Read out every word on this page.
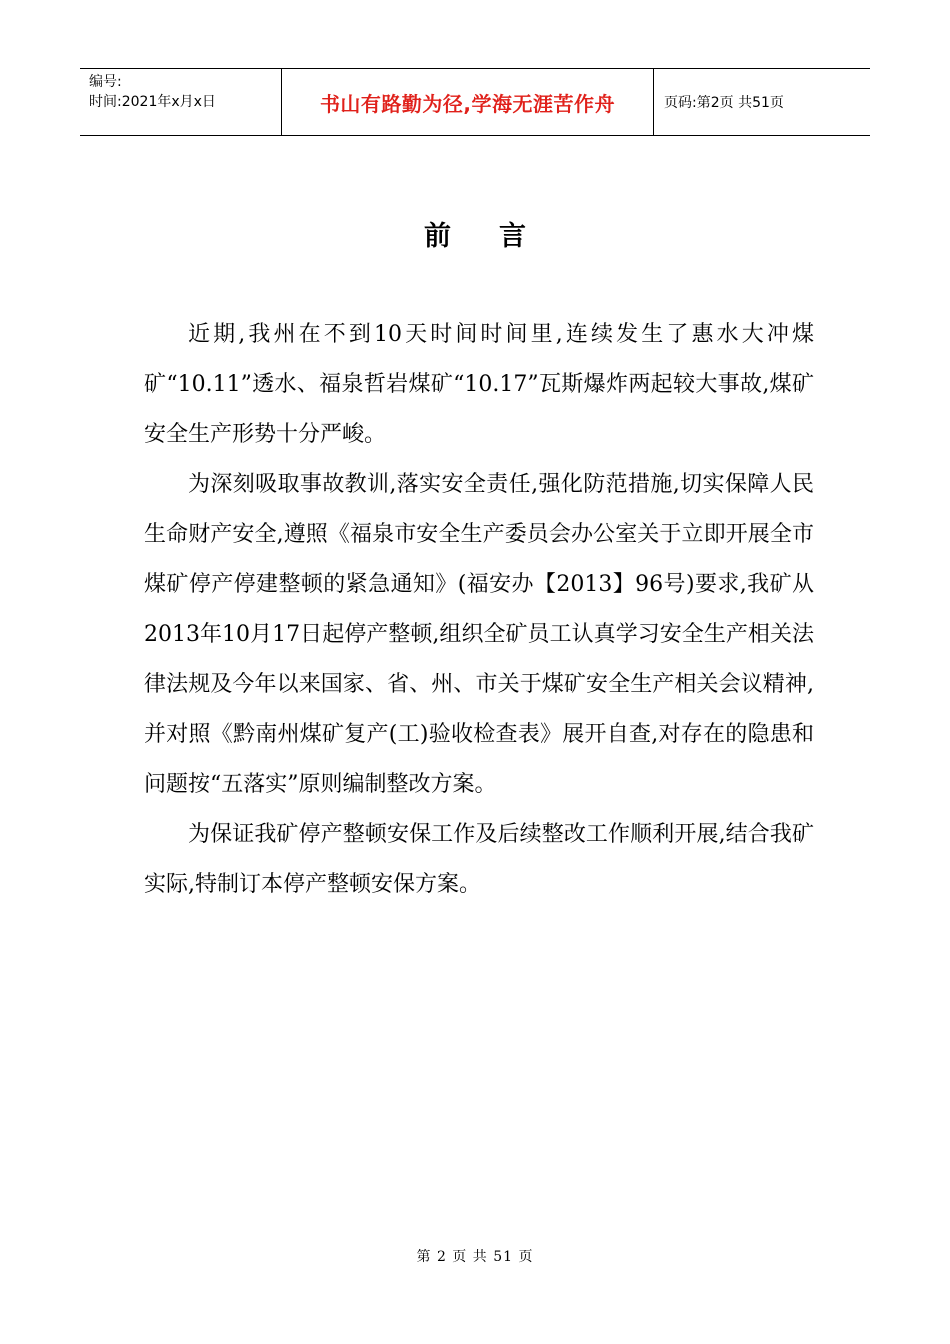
编号:
时间:2021年x月x日	书山有路勤为径,学海无涯苦作舟	页码:第2页 共51页
前言

近期,我州在不到10天时间时间里,连续发生了惠水大冲煤矿“10.11”透水、福泉哲岩煤矿“10.17”瓦斯爆炸两起较大事故,煤矿安全生产形势十分严峻。

为深刻吸取事故教训,落实安全责任,强化防范措施,切实保障人民生命财产安全,遵照《福泉市安全生产委员会办公室关于立即开展全市煤矿停产停建整顿的紧急通知》(福安办【2013】96号)要求,我矿从2013年10月17日起停产整顿,组织全矿员工认真学习安全生产相关法律法规及今年以来国家、省、州、市关于煤矿安全生产相关会议精神,并对照《黔南州煤矿复产(工)验收检查表》展开自查,对存在的隐患和问题按“五落实”原则编制整改方案。

为保证我矿停产整顿安保工作及后续整改工作顺利开展,结合我矿实际,特制订本停产整顿安保方案。

第 2 页 共 51 页
